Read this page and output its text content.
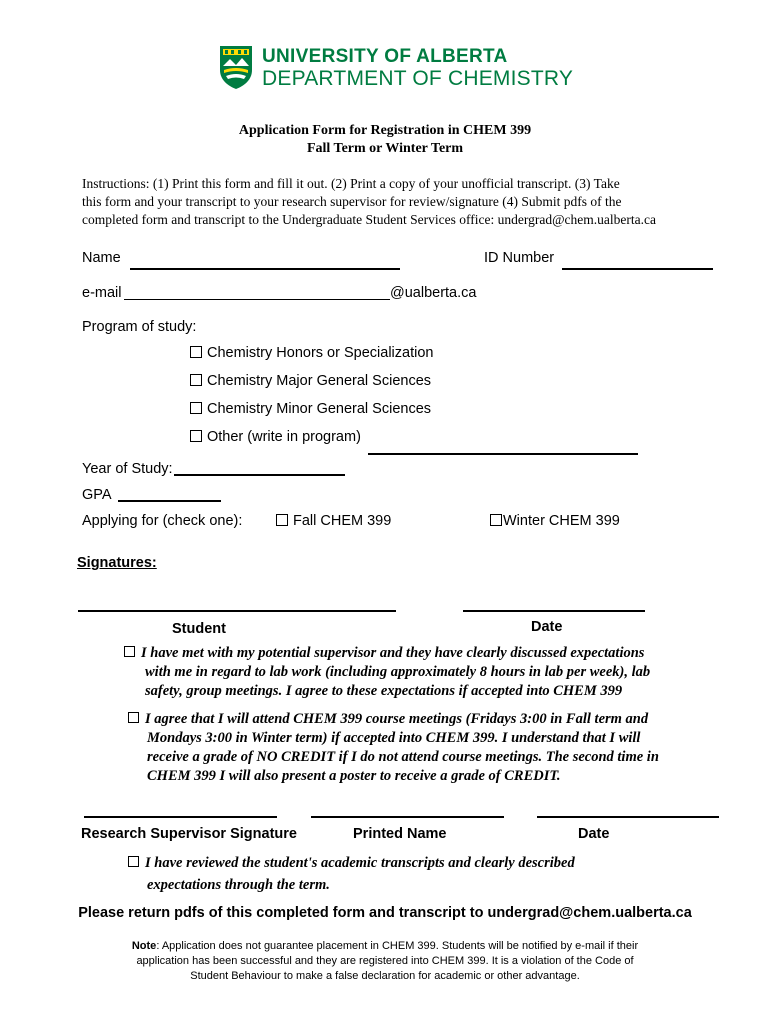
UNIVERSITY OF ALBERTA
DEPARTMENT OF CHEMISTRY
Application Form for Registration in CHEM 399
Fall Term or Winter Term
Instructions: (1) Print this form and fill it out. (2) Print a copy of your unofficial transcript. (3) Take
this form and your transcript to your research supervisor for review/signature (4) Submit pdfs of the
completed form and transcript to the Undergraduate Student Services office: undergrad@chem.ualberta.ca
Name	ID Number
e-mail	@ualberta.ca
Program of study:
Chemistry Honors or Specialization
Chemistry Major General Sciences
Chemistry Minor General Sciences
Other (write in program)
Year of Study:
GPA
Applying for (check one):	Fall CHEM 399	Winter CHEM 399
Signatures:
Student	Date
I have met with my potential supervisor and they have clearly discussed expectations
with me in regard to lab work (including approximately 8 hours in lab per week), lab
safety, group meetings. I agree to these expectations if accepted into CHEM 399
I agree that I will attend CHEM 399 course meetings (Fridays 3:00 in Fall term and
Mondays 3:00 in Winter term) if accepted into CHEM 399. I understand that I will
receive a grade of NO CREDIT if I do not attend course meetings. The second time in
CHEM 399 I will also present a poster to receive a grade of CREDIT.
Research Supervisor Signature	Printed Name	Date
I have reviewed the student's academic transcripts and clearly described
expectations through the term.
Please return pdfs of this completed form and transcript to undergrad@chem.ualberta.ca
Note: Application does not guarantee placement in CHEM 399. Students will be notified by e-mail if their
application has been successful and they are registered into CHEM 399. It is a violation of the Code of
Student Behaviour to make a false declaration for academic or other advantage.
